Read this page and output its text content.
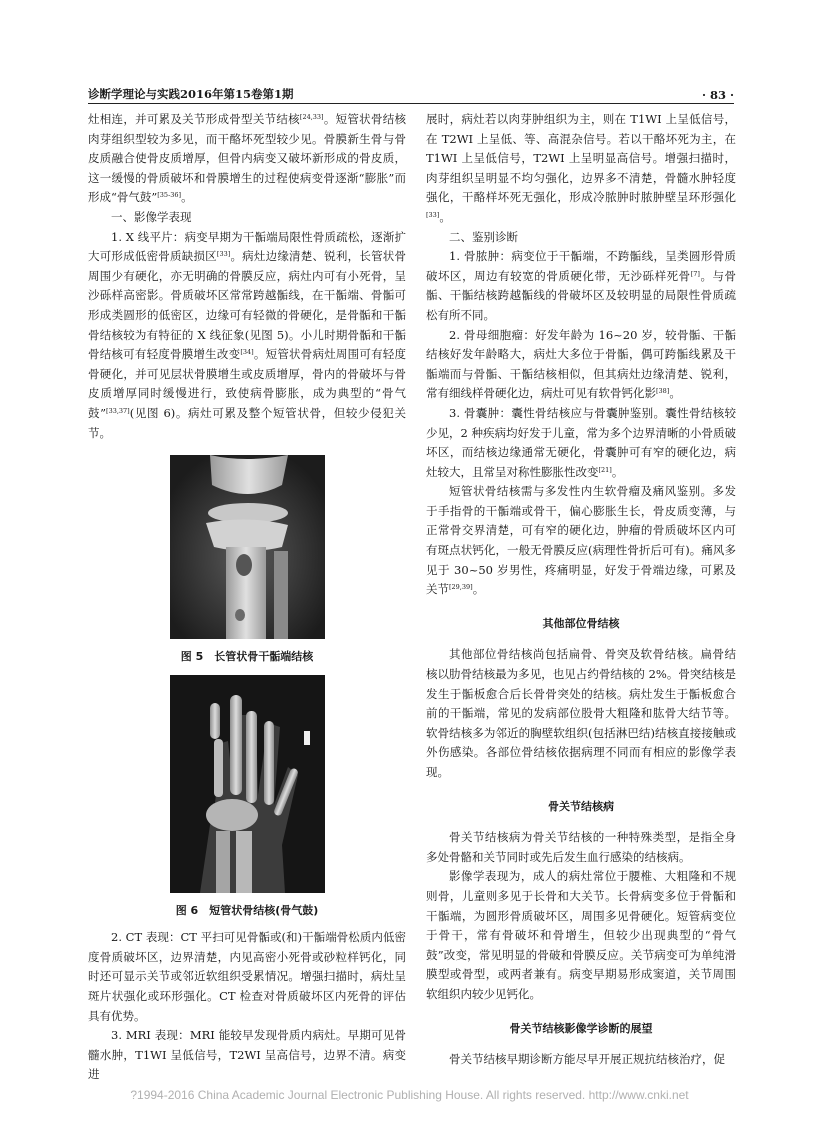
诊断学理论与实践2016年第15卷第1期	· 83 ·

灶相连，并可累及关节形成骨型关节结核[24,33]。短管状骨结核肉芽组织型较为多见，而干酪坏死型较少见。骨膜新生骨与骨皮质融合使骨皮质增厚，但骨内病变又破坏新形成的骨皮质，这一缓慢的骨质破坏和骨膜增生的过程使病变骨逐渐“膨胀”而形成“骨气鼓”[35-36]。

一、影像学表现

1. X 线平片：病变早期为干骺端局限性骨质疏松，逐渐扩大可形成低密骨质缺损区[33]。病灶边缘清楚、锐利，长管状骨周围少有硬化，亦无明确的骨膜反应，病灶内可有小死骨，呈沙砾样高密影。骨质破坏区常常跨越骺线，在干骺端、骨骺可形成类圆形的低密区，边缘可有轻微的骨硬化，是骨骺和干骺骨结核较为有特征的 X 线征象(见图 5)。小儿时期骨骺和干骺骨结核可有轻度骨膜增生改变[34]。短管状骨病灶周围可有轻度骨硬化，并可见层状骨膜增生或皮质增厚，骨内的骨破坏与骨皮质增厚同时缓慢进行，致使病骨膨胀，成为典型的“骨气鼓”[33,37](见图 6)。病灶可累及整个短管状骨，但较少侵犯关节。

图 5　长管状骨干骺端结核
图 6　短管状骨结核(骨气鼓)

2. CT 表现：CT 平扫可见骨骺或(和)干骺端骨松质内低密度骨质破坏区，边界清楚，内见高密小死骨或砂粒样钙化，同时还可显示关节或邻近软组织受累情况。增强扫描时，病灶呈斑片状强化或环形强化。CT 检查对骨质破坏区内死骨的评估具有优势。

3. MRI 表现：MRI 能较早发现骨质内病灶。早期可见骨髓水肿，T1WI 呈低信号，T2WI 呈高信号，边界不清。病变进

展时，病灶若以肉芽肿组织为主，则在 T1WI 上呈低信号，在 T2WI 上呈低、等、高混杂信号。若以干酪坏死为主，在 T1WI 上呈低信号，T2WI 上呈明显高信号。增强扫描时，肉芽组织呈明显不均匀强化，边界多不清楚，骨髓水肿轻度强化，干酪样坏死无强化，形成冷脓肿时脓肿壁呈环形强化[33]。

二、鉴别诊断

1. 骨脓肿：病变位于干骺端，不跨骺线，呈类圆形骨质破坏区，周边有较宽的骨质硬化带，无沙砾样死骨[7]。与骨骺、干骺结核跨越骺线的骨破坏区及较明显的局限性骨质疏松有所不同。

2. 骨母细胞瘤：好发年龄为 16~20 岁，较骨骺、干骺结核好发年龄略大，病灶大多位于骨骺，偶可跨骺线累及干骺端而与骨骺、干骺结核相似，但其病灶边缘清楚、锐利，常有细线样骨硬化边，病灶可见有软骨钙化影[38]。

3. 骨囊肿：囊性骨结核应与骨囊肿鉴别。囊性骨结核较少见，2 种疾病均好发于儿童，常为多个边界清晰的小骨质破坏区，而结核边缘通常无硬化，骨囊肿可有窄的硬化边，病灶较大，且常呈对称性膨胀性改变[21]。

短管状骨结核需与多发性内生软骨瘤及痛风鉴别。多发于手指骨的干骺端或骨干，偏心膨胀生长，骨皮质变薄，与正常骨交界清楚，可有窄的硬化边，肿瘤的骨质破坏区内可有斑点状钙化，一般无骨膜反应(病理性骨折后可有)。痛风多见于 30~50 岁男性，疼痛明显，好发于骨端边缘，可累及关节[29,39]。

其他部位骨结核

其他部位骨结核尚包括扁骨、骨突及软骨结核。扁骨结核以肋骨结核最为多见，也见占约骨结核的 2%。骨突结核是发生于骺板愈合后长骨骨突处的结核。病灶发生于骺板愈合前的干骺端，常见的发病部位股骨大粗隆和肱骨大结节等。软骨结核多为邻近的胸壁软组织(包括淋巴结)结核直接接触或外伤感染。各部位骨结核依据病理不同而有相应的影像学表现。

骨关节结核病

骨关节结核病为骨关节结核的一种特殊类型，是指全身多处骨骼和关节同时或先后发生血行感染的结核病。

影像学表现为，成人的病灶常位于腰椎、大粗隆和不规则骨，儿童则多见于长骨和大关节。长骨病变多位于骨骺和干骺端，为圆形骨质破坏区，周围多见骨硬化。短管病变位于骨干，常有骨破坏和骨增生，但较少出现典型的“骨气鼓”改变，常见明显的骨破和骨膜反应。关节病变可为单纯滑膜型或骨型，或两者兼有。病变早期易形成窦道，关节周围软组织内较少见钙化。

骨关节结核影像学诊断的展望

骨关节结核早期诊断方能尽早开展正规抗结核治疗，促

?1994-2016 China Academic Journal Electronic Publishing House. All rights reserved. http://www.cnki.net
